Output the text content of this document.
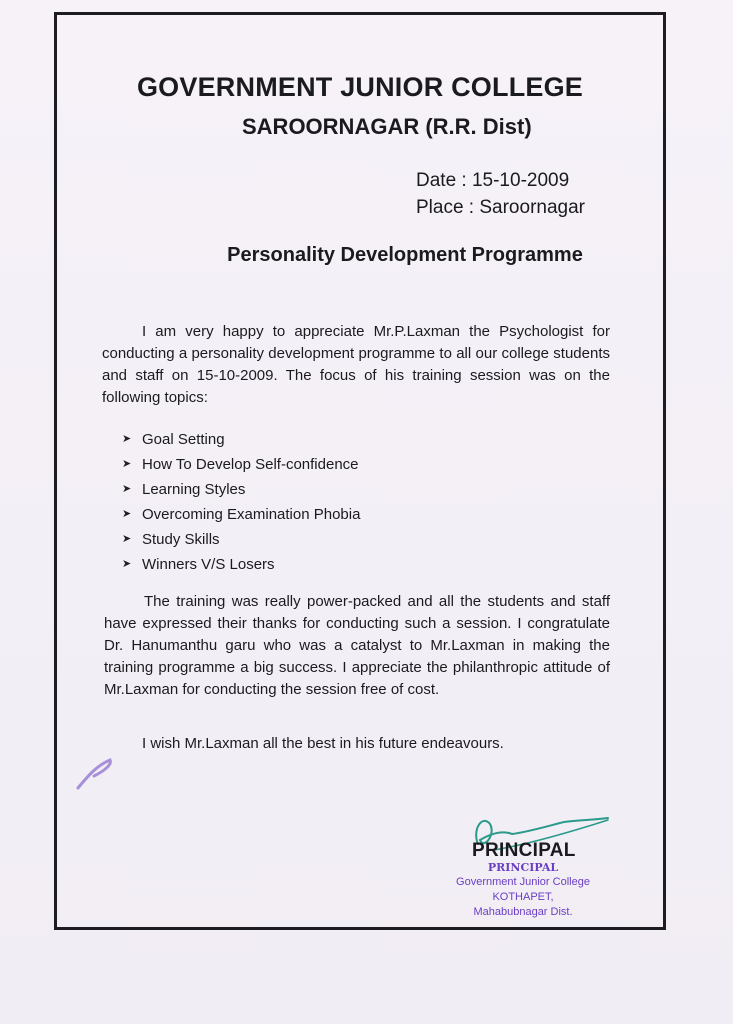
GOVERNMENT JUNIOR COLLEGE
SAROORNAGAR (R.R. Dist)
Date : 15-10-2009
Place : Saroornagar
Personality Development Programme

I am very happy to appreciate Mr.P.Laxman the Psychologist for conducting a personality development programme to all our college students and staff on 15-10-2009. The focus of his training session was on the following topics:

➤ Goal Setting
➤ How To Develop Self-confidence
➤ Learning Styles
➤ Overcoming Examination Phobia
➤ Study Skills
➤ Winners V/S Losers

The training was really power-packed and all the students and staff have expressed their thanks for conducting such a session. I congratulate Dr. Hanumanthu garu who was a catalyst to Mr.Laxman in making the training programme a big success. I appreciate the philanthropic attitude of Mr.Laxman for conducting the session free of cost.

I wish Mr.Laxman all the best in his future endeavours.

PRINCIPAL
PRINCIPAL
Government Junior College
KOTHAPET,
Mahabubnagar Dist.
